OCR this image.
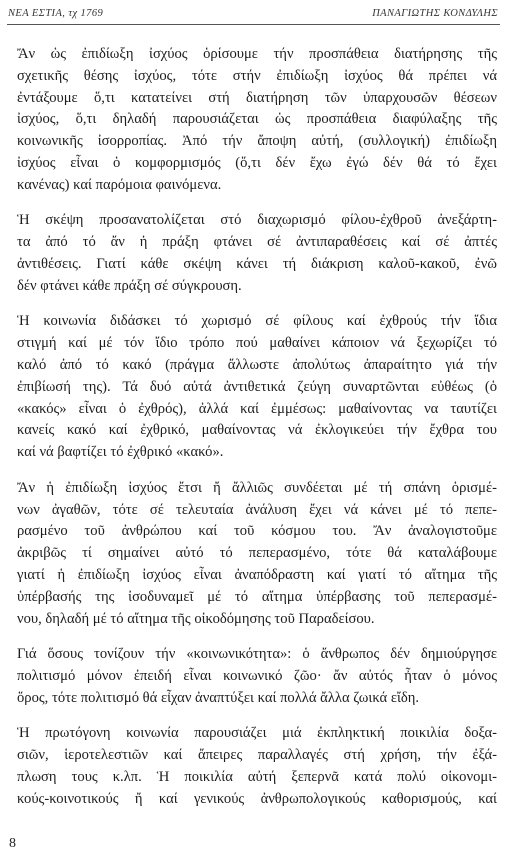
ΝΕΑ ΕΣΤΙΑ, τχ 1769	ΠΑΝΑΓΙΩΤΗΣ ΚΟΝΔΥΛΗΣ

Ἄν ὡς ἐπιδίωξη ἰσχύος ὁρίσουμε τήν προσπάθεια διατήρησης τῆς
σχετικῆς θέσης ἰσχύος, τότε στήν ἐπιδίωξη ἰσχύος θά πρέπει νά
ἐντάξουμε ὅ,τι κατατείνει στή διατήρηση τῶν ὑπαρχουσῶν θέσεων
ἰσχύος, ὅ,τι δηλαδή παρουσιάζεται ὡς προσπάθεια διαφύλαξης τῆς
κοινωνικῆς ἰσορροπίας. Ἀπό τήν ἄποψη αὐτή, (συλλογική) ἐπιδίωξη
ἰσχύος εἶναι ὁ κομφορμισμός (ὅ,τι δέν ἔχω ἐγώ δέν θά τό ἔχει
κανένας) καί παρόμοια φαινόμενα.

Ἡ σκέψη προσανατολίζεται στό διαχωρισμό φίλου-ἐχθροῦ ἀνεξάρτη-
τα ἀπό τό ἄν ἡ πράξη φτάνει σέ ἀντιπαραθέσεις καί σέ ἀπτές
ἀντιθέσεις. Γιατί κάθε σκέψη κάνει τή διάκριση καλοῦ-κακοῦ, ἐνῶ
δέν φτάνει κάθε πράξη σέ σύγκρουση.

Ἡ κοινωνία διδάσκει τό χωρισμό σέ φίλους καί ἐχθρούς τήν ἴδια
στιγμή καί μέ τόν ἴδιο τρόπο πού μαθαίνει κάποιον νά ξεχωρίζει τό
καλό ἀπό τό κακό (πράγμα ἄλλωστε ἀπολύτως ἀπαραίτητο γιά τήν
ἐπιβίωσή της). Τά δυό αὐτά ἀντιθετικά ζεύγη συναρτῶνται εὐθέως (ὁ
«κακός» εἶναι ὁ ἐχθρός), ἀλλά καί ἐμμέσως: μαθαίνοντας να ταυτίζει
κανείς κακό καί ἐχθρικό, μαθαίνοντας νά ἐκλογικεύει τήν ἔχθρα του
καί νά βαφτίζει τό ἐχθρικό «κακό».

Ἄν ἡ ἐπιδίωξη ἰσχύος ἔτσι ἤ ἄλλιῶς συνδέεται μέ τή σπάνη ὁρισμέ-
νων ἀγαθῶν, τότε σέ τελευταία ἀνάλυση ἔχει νά κάνει μέ τό πεπε-
ρασμένο τοῦ ἀνθρώπου καί τοῦ κόσμου του. Ἄν ἀναλογιστοῦμε
ἀκριβῶς τί σημαίνει αὐτό τό πεπερασμένο, τότε θά καταλάβουμε
γιατί ἡ ἐπιδίωξη ἰσχύος εἶναι ἀναπόδραστη καί γιατί τό αἴτημα τῆς
ὑπέρβασής της ἰσοδυναμεῖ μέ τό αἴτημα ὑπέρβασης τοῦ πεπερασμέ-
νου, δηλαδή μέ τό αἴτημα τῆς οἰκοδόμησης τοῦ Παραδείσου.

Γιά ὅσους τονίζουν τήν «κοινωνικότητα»: ὁ ἄνθρωπος δέν δημιούργησε
πολιτισμό μόνον ἐπειδή εἶναι κοινωνικό ζῶο· ἄν αὐτός ἦταν ὁ μόνος
ὅρος, τότε πολιτισμό θά εἶχαν ἀναπτύξει καί πολλά ἄλλα ζωικά εἴδη.

Ἡ πρωτόγονη κοινωνία παρουσιάζει μιά ἐκπληκτική ποικιλία δοξα-
σιῶν, ἱεροτελεστιῶν καί ἄπειρες παραλλαγές στή χρήση, τήν ἐξά-
πλωση τους κ.λπ. Ἡ ποικιλία αὐτή ξεπερνᾶ κατά πολύ οἰκονομι-
κούς-κοινοτικούς ἤ καί γενικούς ἀνθρωπολογικούς καθορισμούς, καί

8
